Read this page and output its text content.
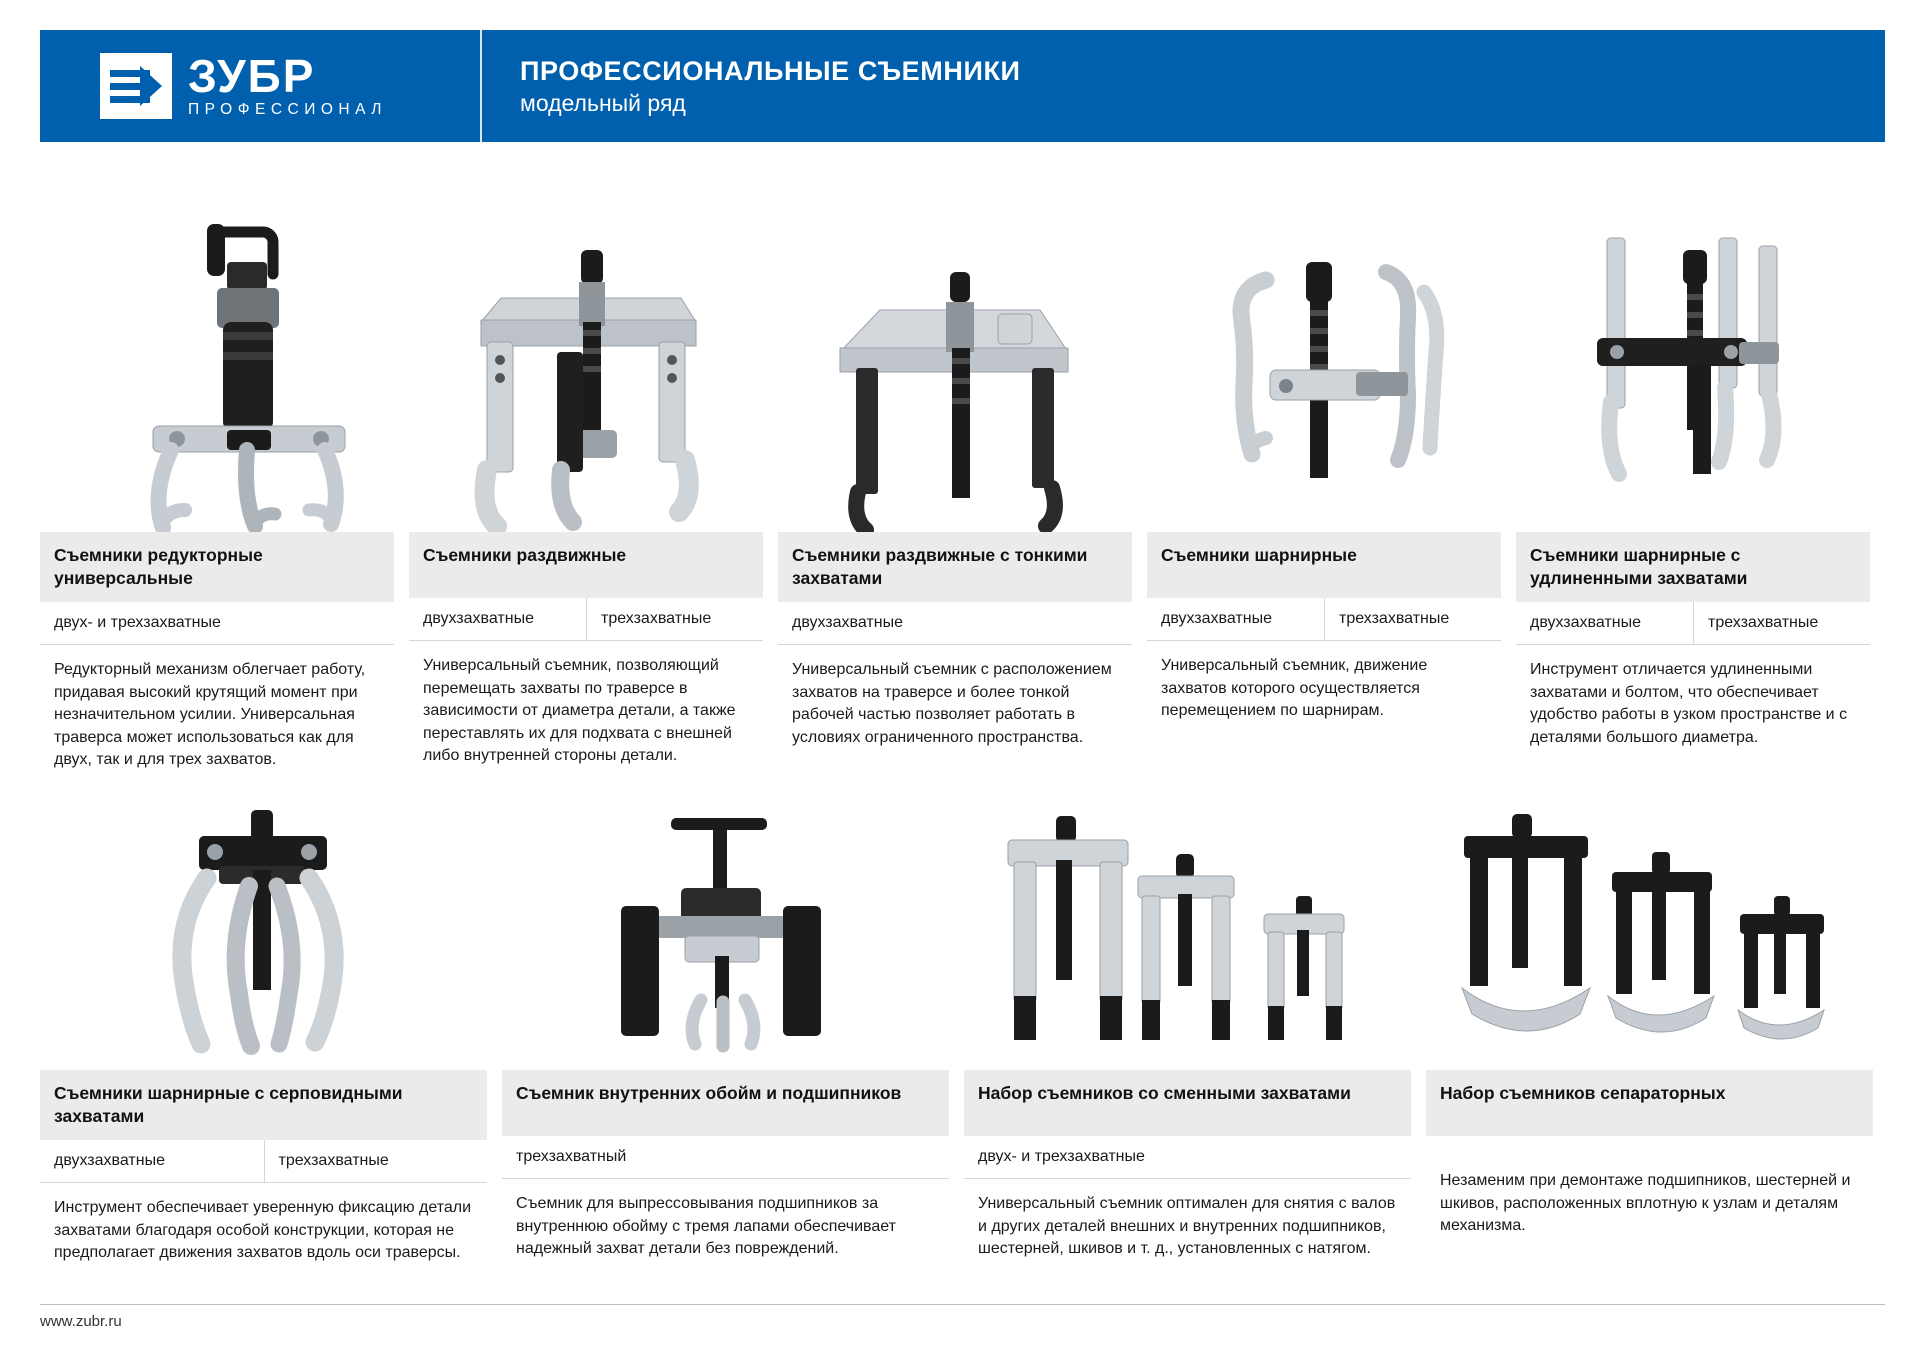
ЗУБР
ПРОФЕССИОНАЛ
ПРОФЕССИОНАЛЬНЫЕ СЪЕМНИКИ
модельный ряд
Съемники редукторные универсальные
двух- и трехзахватные
Редукторный механизм облегчает работу, придавая высокий крутящий момент при незначительном усилии. Универсальная траверса может использоваться как для двух, так и для трех захватов.
Съемники раздвижные
двухзахватные	трехзахватные
Универсальный съемник, позволяющий перемещать захваты по траверсе в зависимости от диаметра детали, а также переставлять их для подхвата с внешней либо внутренней стороны детали.
Съемники раздвижные с тонкими захватами
двухзахватные
Универсальный съемник с расположением захватов на траверсе и более тонкой рабочей частью позволяет работать в условиях ограниченного пространства.
Съемники шарнирные
двухзахватные	трехзахватные
Универсальный съемник, движение захватов которого осуществляется перемещением по шарнирам.
Съемники шарнирные с удлиненными захватами
двухзахватные	трехзахватные
Инструмент отличается удлиненными захватами и болтом, что обеспечивает удобство работы в узком пространстве и с деталями большого диаметра.
Съемники шарнирные с серповидными захватами
двухзахватные	трехзахватные
Инструмент обеспечивает уверенную фиксацию детали захватами благодаря особой конструкции, которая не предполагает движения захватов вдоль оси траверсы.
Съемник внутренних обойм и подшипников
трехзахватный
Съемник для выпрессовывания подшипников за внутреннюю обойму с тремя лапами обеспечивает надежный захват детали без повреждений.
Набор съемников со сменными захватами
двух- и трехзахватные
Универсальный съемник оптимален для снятия с валов и других деталей внешних и внутренних подшипников, шестерней, шкивов и т. д., установленных с натягом.
Набор съемников сепараторных
Незаменим при демонтаже подшипников, шестерней и шкивов, расположенных вплотную к узлам и деталям механизма.
www.zubr.ru
